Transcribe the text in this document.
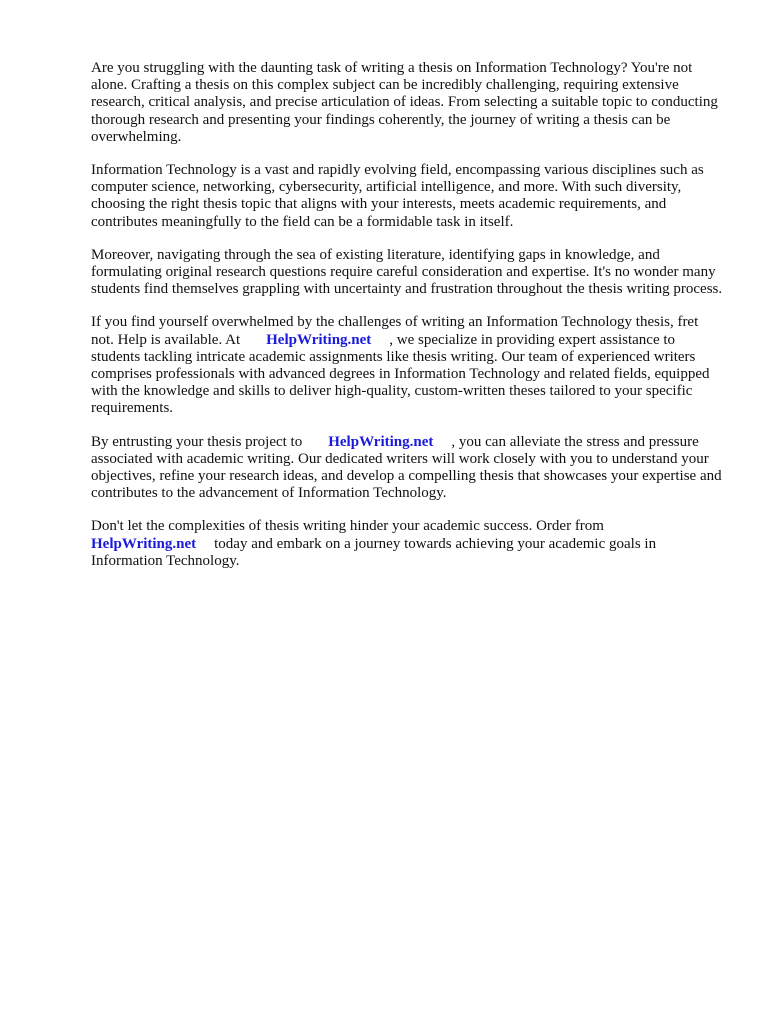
Are you struggling with the daunting task of writing a thesis on Information Technology? You're not alone. Crafting a thesis on this complex subject can be incredibly challenging, requiring extensive research, critical analysis, and precise articulation of ideas. From selecting a suitable topic to conducting thorough research and presenting your findings coherently, the journey of writing a thesis can be overwhelming.

Information Technology is a vast and rapidly evolving field, encompassing various disciplines such as computer science, networking, cybersecurity, artificial intelligence, and more. With such diversity, choosing the right thesis topic that aligns with your interests, meets academic requirements, and contributes meaningfully to the field can be a formidable task in itself.

Moreover, navigating through the sea of existing literature, identifying gaps in knowledge, and formulating original research questions require careful consideration and expertise. It's no wonder many students find themselves grappling with uncertainty and frustration throughout the thesis writing process.

If you find yourself overwhelmed by the challenges of writing an Information Technology thesis, fret not. Help is available. At HelpWriting.net , we specialize in providing expert assistance to students tackling intricate academic assignments like thesis writing. Our team of experienced writers comprises professionals with advanced degrees in Information Technology and related fields, equipped with the knowledge and skills to deliver high-quality, custom-written theses tailored to your specific requirements.

By entrusting your thesis project to HelpWriting.net , you can alleviate the stress and pressure associated with academic writing. Our dedicated writers will work closely with you to understand your objectives, refine your research ideas, and develop a compelling thesis that showcases your expertise and contributes to the advancement of Information Technology.

Don't let the complexities of thesis writing hinder your academic success. Order from HelpWriting.net today and embark on a journey towards achieving your academic goals in Information Technology.
